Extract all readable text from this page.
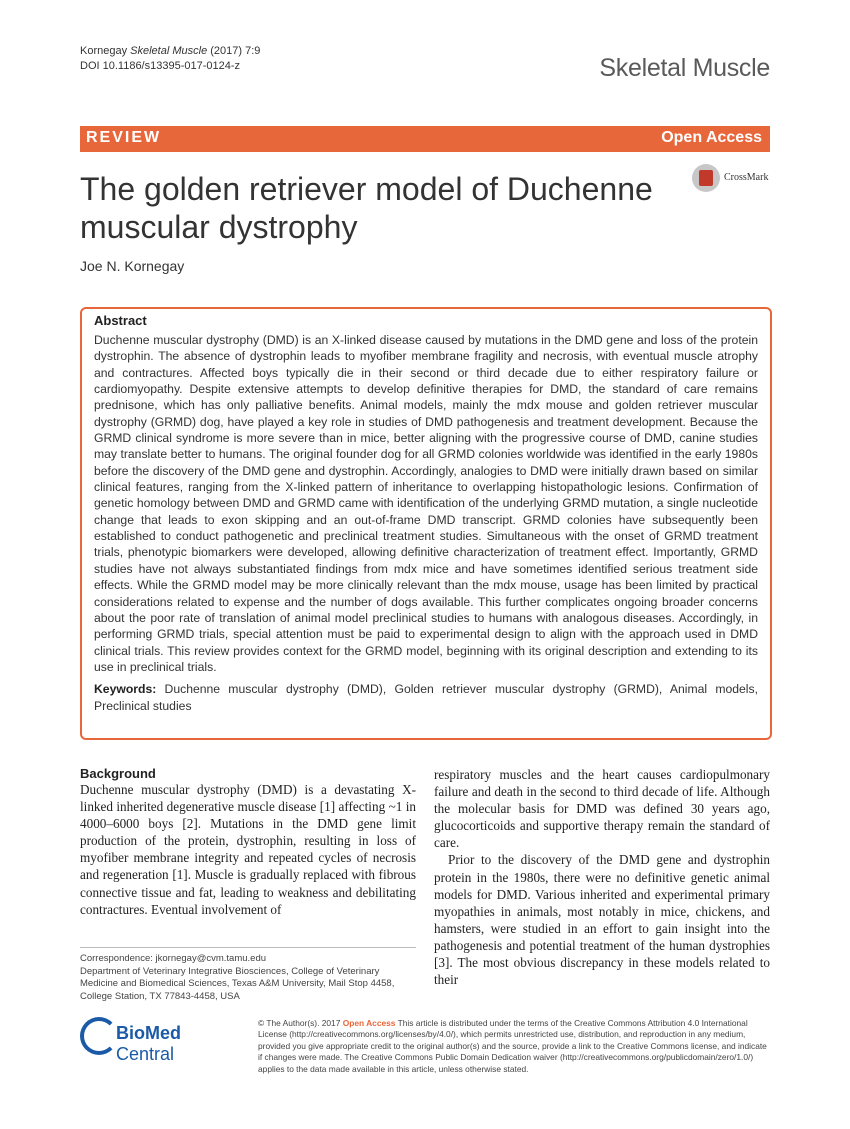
Kornegay Skeletal Muscle (2017) 7:9
DOI 10.1186/s13395-017-0124-z	Skeletal Muscle
REVIEW	Open Access
The golden retriever model of Duchenne muscular dystrophy
CrossMark
Joe N. Kornegay
Abstract

Duchenne muscular dystrophy (DMD) is an X-linked disease caused by mutations in the DMD gene and loss of the protein dystrophin. The absence of dystrophin leads to myofiber membrane fragility and necrosis, with eventual muscle atrophy and contractures. Affected boys typically die in their second or third decade due to either respiratory failure or cardiomyopathy. Despite extensive attempts to develop definitive therapies for DMD, the standard of care remains prednisone, which has only palliative benefits. Animal models, mainly the mdx mouse and golden retriever muscular dystrophy (GRMD) dog, have played a key role in studies of DMD pathogenesis and treatment development. Because the GRMD clinical syndrome is more severe than in mice, better aligning with the progressive course of DMD, canine studies may translate better to humans. The original founder dog for all GRMD colonies worldwide was identified in the early 1980s before the discovery of the DMD gene and dystrophin. Accordingly, analogies to DMD were initially drawn based on similar clinical features, ranging from the X-linked pattern of inheritance to overlapping histopathologic lesions. Confirmation of genetic homology between DMD and GRMD came with identification of the underlying GRMD mutation, a single nucleotide change that leads to exon skipping and an out-of-frame DMD transcript. GRMD colonies have subsequently been established to conduct pathogenetic and preclinical treatment studies. Simultaneous with the onset of GRMD treatment trials, phenotypic biomarkers were developed, allowing definitive characterization of treatment effect. Importantly, GRMD studies have not always substantiated findings from mdx mice and have sometimes identified serious treatment side effects. While the GRMD model may be more clinically relevant than the mdx mouse, usage has been limited by practical considerations related to expense and the number of dogs available. This further complicates ongoing broader concerns about the poor rate of translation of animal model preclinical studies to humans with analogous diseases. Accordingly, in performing GRMD trials, special attention must be paid to experimental design to align with the approach used in DMD clinical trials. This review provides context for the GRMD model, beginning with its original description and extending to its use in preclinical trials.

Keywords: Duchenne muscular dystrophy (DMD), Golden retriever muscular dystrophy (GRMD), Animal models, Preclinical studies

Background

Duchenne muscular dystrophy (DMD) is a devastating X-linked inherited degenerative muscle disease [1] affecting ~1 in 4000–6000 boys [2]. Mutations in the DMD gene limit production of the protein, dystrophin, resulting in loss of myofiber membrane integrity and repeated cycles of necrosis and regeneration [1]. Muscle is gradually replaced with fibrous connective tissue and fat, leading to weakness and debilitating contractures. Eventual involvement of

respiratory muscles and the heart causes cardiopulmonary failure and death in the second to third decade of life. Although the molecular basis for DMD was defined 30 years ago, glucocorticoids and supportive therapy remain the standard of care.

Prior to the discovery of the DMD gene and dystrophin protein in the 1980s, there were no definitive genetic animal models for DMD. Various inherited and experimental primary myopathies in animals, most notably in mice, chickens, and hamsters, were studied in an effort to gain insight into the pathogenesis and potential treatment of the human dystrophies [3]. The most obvious discrepancy in these models related to their

Correspondence: jkornegay@cvm.tamu.edu

Department of Veterinary Integrative Biosciences, College of Veterinary Medicine and Biomedical Sciences, Texas A&M University, Mail Stop 4458, College Station, TX 77843-4458, USA

BioMed Central
© The Author(s). 2017 Open Access This article is distributed under the terms of the Creative Commons Attribution 4.0 International License (http://creativecommons.org/licenses/by/4.0/), which permits unrestricted use, distribution, and reproduction in any medium, provided you give appropriate credit to the original author(s) and the source, provide a link to the Creative Commons license, and indicate if changes were made. The Creative Commons Public Domain Dedication waiver (http://creativecommons.org/publicdomain/zero/1.0/) applies to the data made available in this article, unless otherwise stated.
